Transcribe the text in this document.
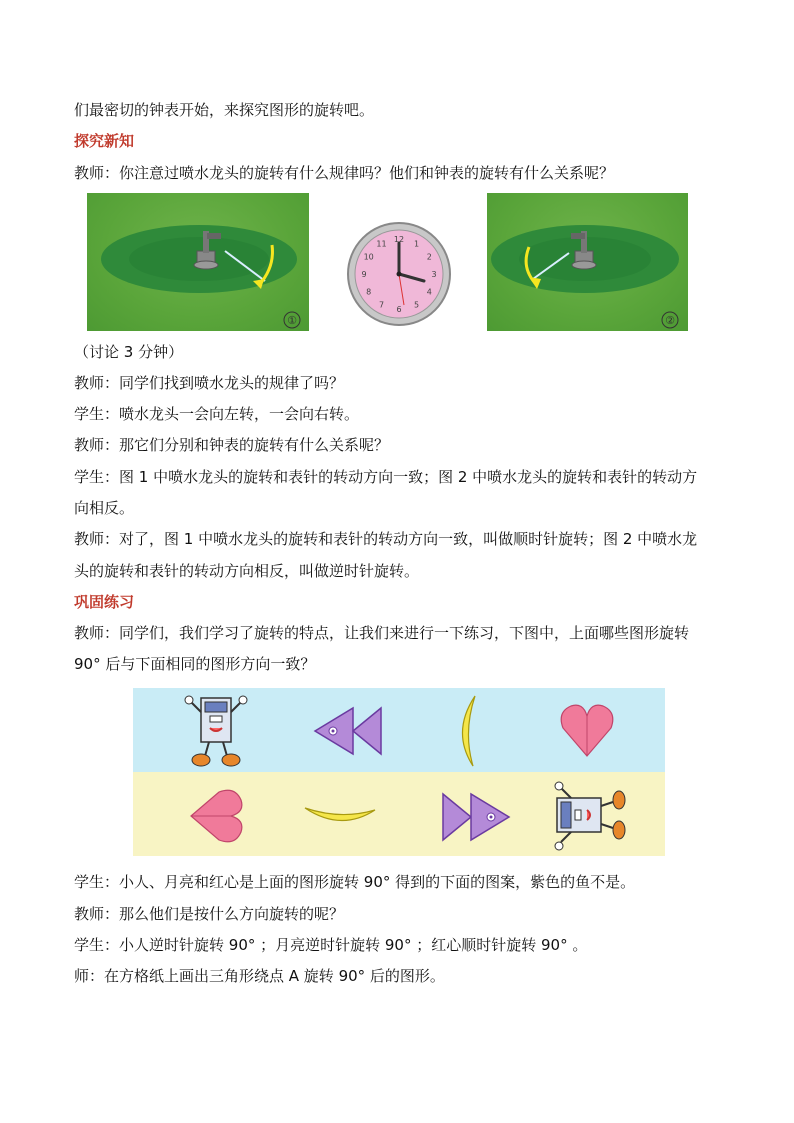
们最密切的钟表开始，来探究图形的旋转吧。
探究新知
教师：你注意过喷水龙头的旋转有什么规律吗？他们和钟表的旋转有什么关系呢？
①
12
1
2
3
4
5
6
7
8
9
10
11
②
（讨论 3 分钟）
教师：同学们找到喷水龙头的规律了吗？
学生：喷水龙头一会向左转，一会向右转。
教师：那它们分别和钟表的旋转有什么关系呢？
学生：图 1 中喷水龙头的旋转和表针的转动方向一致；图 2 中喷水龙头的旋转和表针的转动方
向相反。
教师：对了，图 1 中喷水龙头的旋转和表针的转动方向一致，叫做顺时针旋转；图 2 中喷水龙
头的旋转和表针的转动方向相反，叫做逆时针旋转。
巩固练习
教师：同学们，我们学习了旋转的特点，让我们来进行一下练习，下图中，上面哪些图形旋转
90° 后与下面相同的图形方向一致？
学生：小人、月亮和红心是上面的图形旋转 90° 得到的下面的图案，紫色的鱼不是。
教师：那么他们是按什么方向旋转的呢？
学生：小人逆时针旋转 90° ；月亮逆时针旋转 90° ；红心顺时针旋转 90° 。
师：在方格纸上画出三角形绕点 A 旋转 90° 后的图形。
